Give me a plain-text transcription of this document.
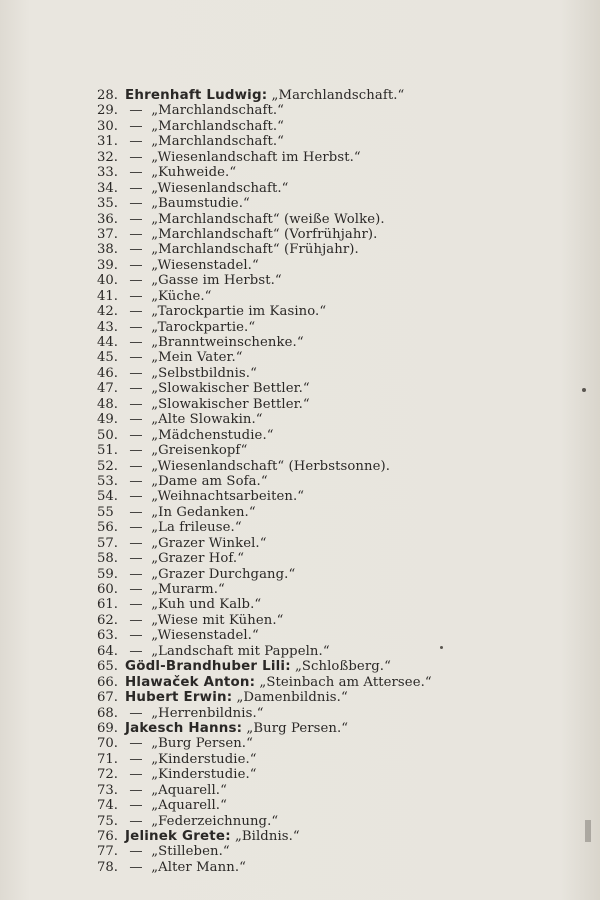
28. Ehrenhaft Ludwig: „Marchlandschaft.“
29. — „Marchlandschaft.“
30. — „Marchlandschaft.“
31. — „Marchlandschaft.“
32. — „Wiesenlandschaft im Herbst.“
33. — „Kuhweide.“
34. — „Wiesenlandschaft.“
35. — „Baumstudie.“
36. — „Marchlandschaft“ (weiße Wolke).
37. — „Marchlandschaft“ (Vorfrühjahr).
38. — „Marchlandschaft“ (Frühjahr).
39. — „Wiesenstadel.“
40. — „Gasse im Herbst.“
41. — „Küche.“
42. — „Tarockpartie im Kasino.“
43. — „Tarockpartie.“
44. — „Branntweinschenke.“
45. — „Mein Vater.“
46. — „Selbstbildnis.“
47. — „Slowakischer Bettler.“
48. — „Slowakischer Bettler.“
49. — „Alte Slowakin.“
50. — „Mädchenstudie.“
51. — „Greisenkopf“
52. — „Wiesenlandschaft“ (Herbstsonne).
53. — „Dame am Sofa.“
54. — „Weihnachtsarbeiten.“
55 — „In Gedanken.“
56. — „La frileuse.“
57. — „Grazer Winkel.“
58. — „Grazer Hof.“
59. — „Grazer Durchgang.“
60. — „Murarm.“
61. — „Kuh und Kalb.“
62. — „Wiese mit Kühen.“
63. — „Wiesenstadel.“
64. — „Landschaft mit Pappeln.“
65. Gödl-Brandhuber Lili: „Schloßberg.“
66. Hlawaček Anton: „Steinbach am Attersee.“
67. Hubert Erwin: „Damenbildnis.“
68. — „Herrenbildnis.“
69. Jakesch Hanns: „Burg Persen.“
70. — „Burg Persen.“
71. — „Kinderstudie.“
72. — „Kinderstudie.“
73. — „Aquarell.“
74. — „Aquarell.“
75. — „Federzeichnung.“
76. Jelinek Grete: „Bildnis.“
77. — „Stilleben.“
78. — „Alter Mann.“
